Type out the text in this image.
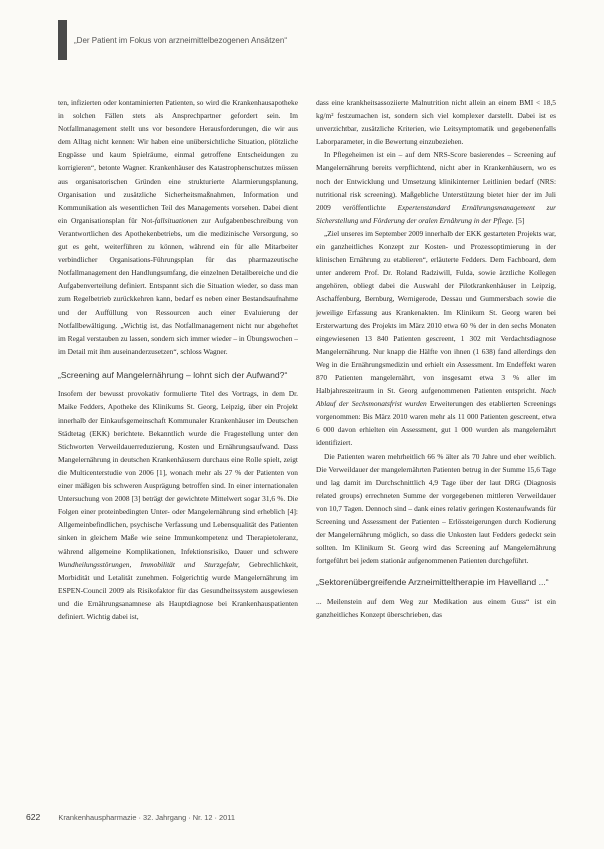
„Der Patient im Fokus von arzneimittelbezogenen Ansätzen“

ten, infizierten oder kontaminierten Patienten, so wird die Krankenhausapotheke in solchen Fällen stets als Ansprechpartner gefordert sein. Im Notfallmanagement stellt uns vor besondere Herausforderungen, die wir aus dem Alltag nicht kennen: Wir haben eine unübersichtliche Situation, plötzliche Engpässe und kaum Spielräume, einmal getroffene Entscheidungen zu korrigieren“, betonte Wagner. Krankenhäuser des Katastrophenschutzes müssen aus organisatorischen Gründen eine strukturierte Alarmierungsplanung, Organisation und zusätzliche Sicherheitsmaßnahmen, Information und Kommunikation als wesentlichen Teil des Managements vorsehen. Dabei dient ein Organisationsplan für Not-fallsituationen zur Aufgabenbeschreibung von Verantwortlichen des Apothekenbetriebs, um die medizinische Versorgung, so gut es geht, weiterführen zu können, während ein für alle Mitarbeiter verbindlicher Organisations-Führungsplan für das pharmazeutische Notfallmanagement den Handlungsumfang, die einzelnen Detailbereiche und die Aufgabenverteilung definiert. Entspannt sich die Situation wieder, so dass man zum Regelbetrieb zurückkehren kann, bedarf es neben einer Bestandsaufnahme und der Auffüllung von Ressourcen auch einer Evaluierung der Notfallbewältigung. „Wichtig ist, das Notfallmanagement nicht nur abgeheftet im Regal verstauben zu lassen, sondern sich immer wieder – in Übungswochen – im Detail mit ihm auseinanderzusetzen“, schloss Wagner.

„Screening auf Mangelernährung – lohnt sich der Aufwand?“

Insofern der bewusst provokativ formulierte Titel des Vortrags, in dem Dr. Maike Fedders, Apotheke des Klinikums St. Georg, Leipzig, über ein Projekt innerhalb der Einkaufsgemeinschaft Kommunaler Krankenhäuser im Deutschen Städtetag (EKK) berichtete. Bekanntlich wurde die Fragestellung unter den Stichworten Verweildauerreduzierung, Kosten und Ernährungsaufwand. Dass Mangelernährung in deutschen Krankenhäusern durchaus eine Rolle spielt, zeigt die Multicenterstudie von 2006 [1], wonach mehr als 27 % der Patienten von einer mäßigen bis schweren Ausprägung betroffen sind. In einer internationalen Untersuchung von 2008 [3] beträgt der gewichtete Mittelwert sogar 31,6 %. Die Folgen einer proteinbedingten Unter- oder Mangelernährung sind erheblich [4]: Allgemeinbefindlichen, psychische Verfassung und Lebensqualität des Patienten sinken in gleichem Maße wie seine Immunkompetenz und Therapietoleranz, während allgemeine Komplikationen, Infektionsrisiko, Dauer und schwere Wundheilungsstörungen, Immobilität und Sturzgefahr, Gebrechlichkeit, Morbidität und Letalität zunehmen. Folgerichtig wurde Mangelernährung im ESPEN-Council 2009 als Risikofaktor für das Gesundheitssystem ausgewiesen und die Ernährungsanamnese als Hauptdiagnose bei Krankenhauspatienten definiert. Wichtig dabei ist,

dass eine krankheitsassoziierte Malnutrition nicht allein an einem BMI < 18,5 kg/m² festzumachen ist, sondern sich viel komplexer darstellt. Dabei ist es unverzichtbar, zusätzliche Kriterien, wie Leitsymptomatik und gegebenenfalls Laborparameter, in die Bewertung einzubeziehen.

In Pflegeheimen ist ein – auf dem NRS-Score basierendes – Screening auf Mangelernährung bereits verpflichtend, nicht aber in Krankenhäusern, wo es noch der Entwicklung und Umsetzung klinikinterner Leitlinien bedarf (NRS: nutritional risk screening). Maßgebliche Unterstützung bietet hier der im Juli 2009 veröffentlichte Expertenstandard Ernährungsmanagement zur Sicherstellung und Förderung der oralen Ernährung in der Pflege. [5]

„Ziel unseres im September 2009 innerhalb der EKK gestarteten Projekts war, ein ganzheitliches Konzept zur Kosten- und Prozessoptimierung in der klinischen Ernährung zu etablieren“, erläuterte Fedders. Dem Fachboard, dem unter anderem Prof. Dr. Roland Radziwill, Fulda, sowie ärztliche Kollegen angehören, obliegt dabei die Auswahl der Pilotkrankenhäuser in Leipzig, Aschaffenburg, Bernburg, Wernigerode, Dessau und Gummersbach sowie die jeweilige Erfassung aus Krankenakten. Im Klinikum St. Georg waren bei Ersterwartung des Projekts im März 2010 etwa 60 % der in den sechs Monaten eingewiesenen 13 840 Patienten gescreent, 1 302 mit Verdachtsdiagnose Mangelernährung. Nur knapp die Hälfte von ihnen (1 638) fand allerdings den Weg in die Ernährungsmedizin und erhielt ein Assessment. Im Endeffekt waren 870 Patienten mangelernährt, von insgesamt etwa 3 % aller im Halbjahreszeitraum in St. Georg aufgenommenen Patienten entspricht. Nach Ablauf der Sechsmonatsfrist wurden Erweiterungen des etablierten Screenings vorgenommen: Bis März 2010 waren mehr als 11 000 Patienten gescreent, etwa 6 000 davon erhielten ein Assessment, gut 1 000 wurden als mangelernährt identifiziert.

Die Patienten waren mehrheitlich 66 % älter als 70 Jahre und eher weiblich. Die Verweildauer der mangelernährten Patienten betrug in der Summe 15,6 Tage und lag damit im Durchschnittlich 4,9 Tage über der laut DRG (Diagnosis related groups) errechneten Summe der vorgegebenen mittleren Verweildauer von 10,7 Tagen. Dennoch sind – dank eines relativ geringen Kostenaufwands für Screening und Assessment der Patienten – Erlössteigerungen durch Kodierung der Mangelernährung möglich, so dass die Unkosten laut Fedders gedeckt sein sollten. Im Klinikum St. Georg wird das Screening auf Mangelernährung fortgeführt bei jedem stationär aufgenommenen Patienten durchgeführt.

„Sektorenübergreifende Arzneimitteltherapie im Havelland ...“

... Meilenstein auf dem Weg zur Medikation aus einem Guss“ ist ein ganzheitliches Konzept überschrieben, das

622 Krankenhauspharmazie · 32. Jahrgang · Nr. 12 · 2011
